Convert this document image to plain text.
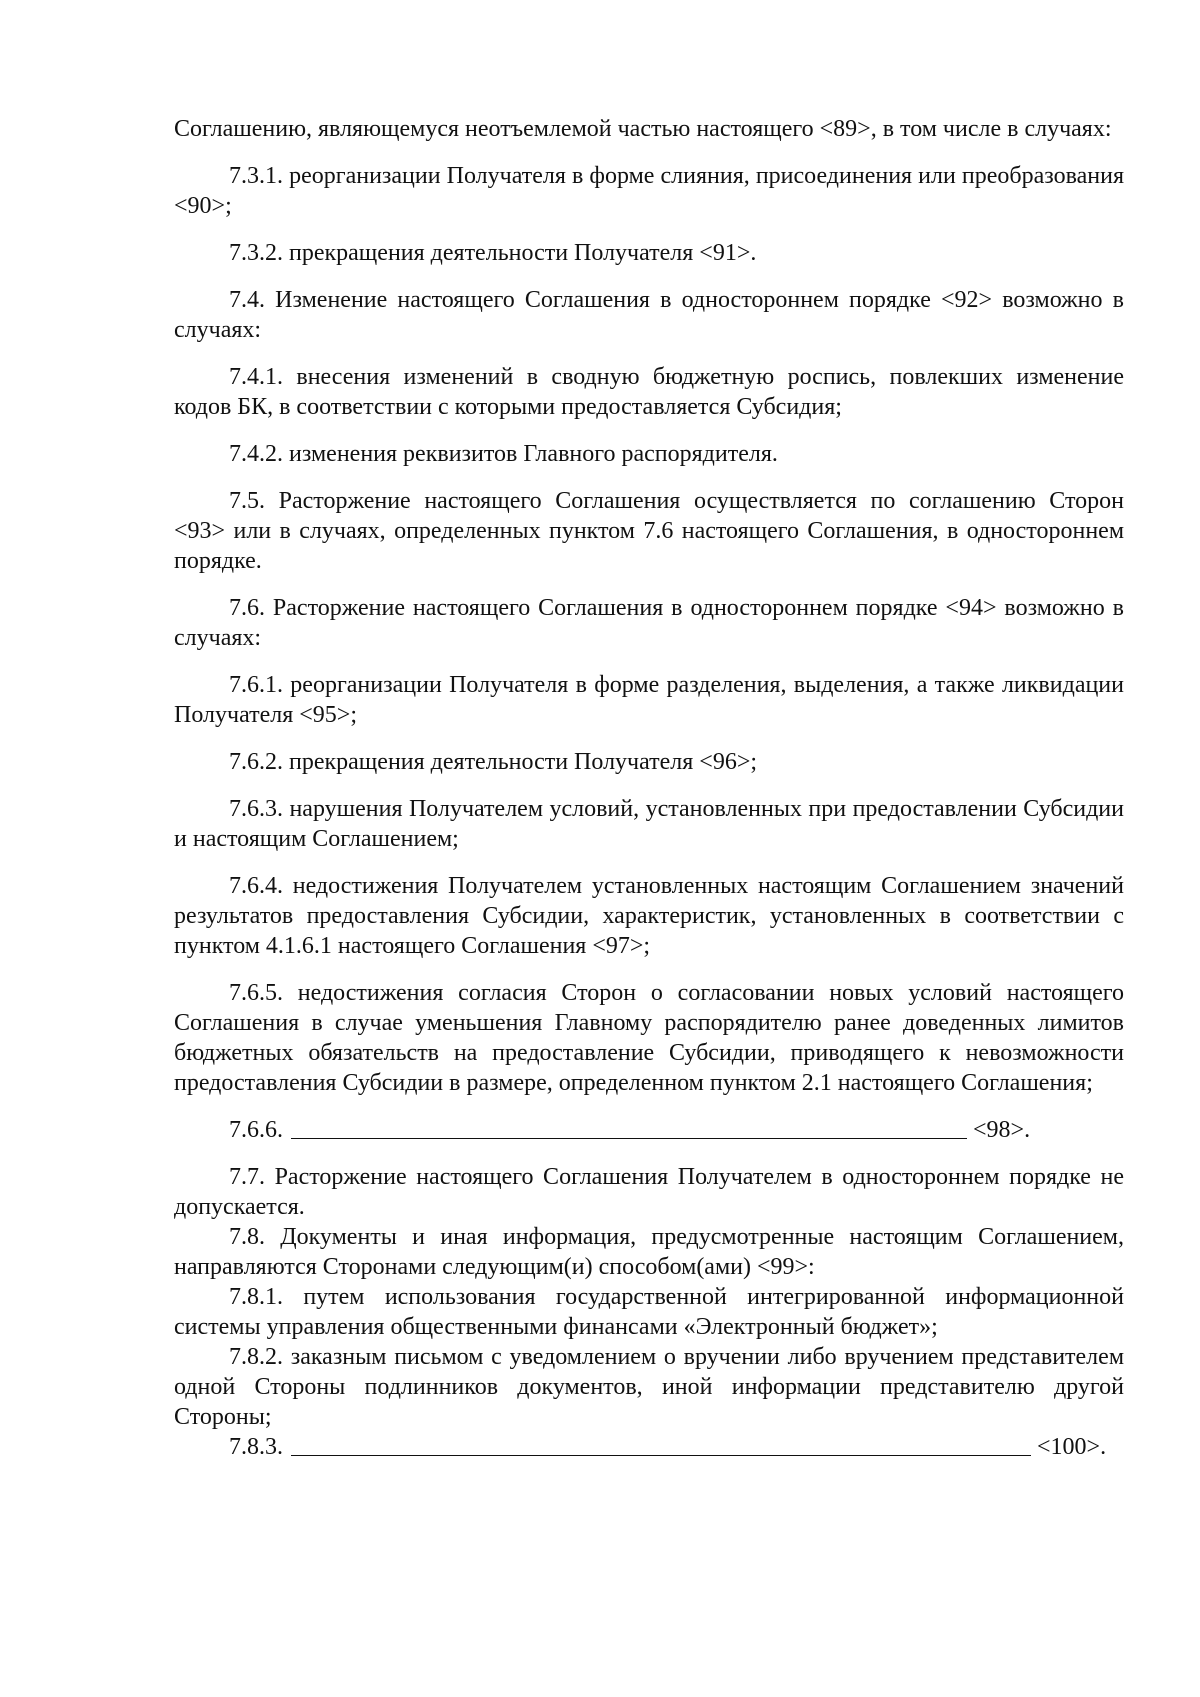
Соглашению, являющемуся неотъемлемой частью настоящего <89>, в том числе в случаях:

7.3.1. реорганизации Получателя в форме слияния, присоединения или преобразования <90>;

7.3.2. прекращения деятельности Получателя <91>.

7.4. Изменение настоящего Соглашения в одностороннем порядке <92> возможно в случаях:

7.4.1. внесения изменений в сводную бюджетную роспись, повлекших изменение кодов БК, в соответствии с которыми предоставляется Субсидия;

7.4.2. изменения реквизитов Главного распорядителя.

7.5. Расторжение настоящего Соглашения осуществляется по соглашению Сторон <93> или в случаях, определенных пунктом 7.6 настоящего Соглашения, в одностороннем порядке.

7.6. Расторжение настоящего Соглашения в одностороннем порядке <94> возможно в случаях:

7.6.1. реорганизации Получателя в форме разделения, выделения, а также ликвидации Получателя <95>;

7.6.2. прекращения деятельности Получателя <96>;

7.6.3. нарушения Получателем условий, установленных при предоставлении Субсидии и настоящим Соглашением;

7.6.4. недостижения Получателем установленных настоящим Соглашением значений результатов предоставления Субсидии, характеристик, установленных в соответствии с пунктом 4.1.6.1 настоящего Соглашения <97>;

7.6.5. недостижения согласия Сторон о согласовании новых условий настоящего Соглашения в случае уменьшения Главному распорядителю ранее доведенных лимитов бюджетных обязательств на предоставление Субсидии, приводящего к невозможности предоставления Субсидии в размере, определенном пунктом 2.1 настоящего Соглашения;

7.6.6.	<98>.

7.7. Расторжение настоящего Соглашения Получателем в одностороннем порядке не допускается.

7.8. Документы и иная информация, предусмотренные настоящим Соглашением, направляются Сторонами следующим(и) способом(ами) <99>:

7.8.1. путем использования государственной интегрированной информационной системы управления общественными финансами «Электронный бюджет»;

7.8.2. заказным письмом с уведомлением о вручении либо вручением представителем одной Стороны подлинников документов, иной информации представителю другой Стороны;

7.8.3.	<100>.
